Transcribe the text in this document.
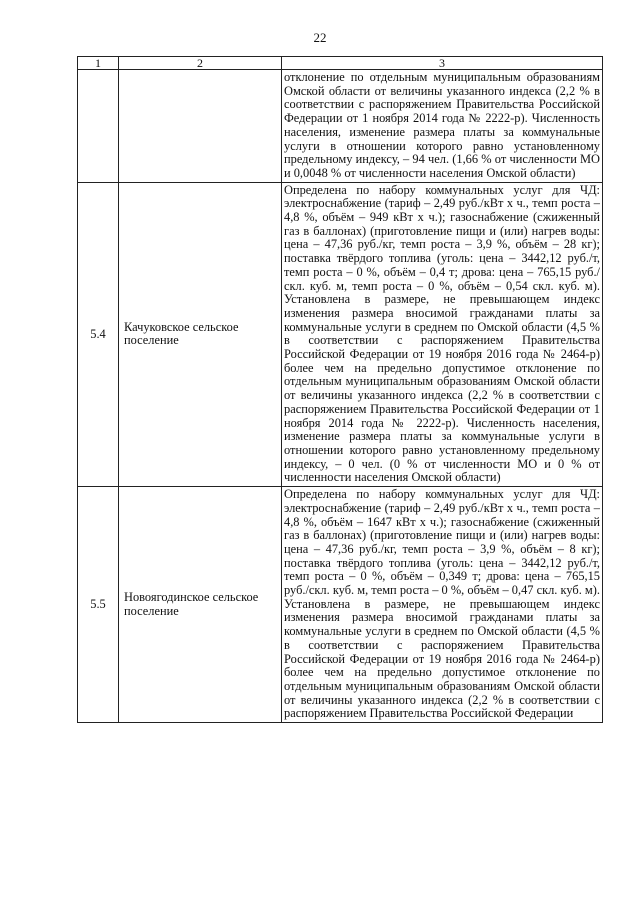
22
1	2	3
		отклонение по отдельным муниципальным образованиям Омской области от величины указанного индекса (2,2 % в соответствии с распоряжением Правительства Российской Федерации от 1 ноября 2014 года № 2222-р). Численность населения, изменение размера платы за коммунальные услуги в отношении которого равно установленному предельному индексу, – 94 чел. (1,66 % от численности МО и 0,0048 % от численности населения Омской области)
5.4	Качуковское сельское поселение	Определена по набору коммунальных услуг для ЧД: электроснабжение (тариф – 2,49 руб./кВт х ч., темп роста – 4,8 %, объём – 949 кВт х ч.); газоснабжение (сжиженный газ в баллонах) (приготовление пищи и (или) нагрев воды: цена – 47,36 руб./кг, темп роста – 3,9 %, объём – 28 кг); поставка твёрдого топлива (уголь: цена – 3442,12 руб./т, темп роста – 0 %, объём – 0,4 т; дрова: цена – 765,15 руб./скл. куб. м, темп роста – 0 %, объём – 0,54 скл. куб. м). Установлена в размере, не превышающем индекс изменения размера вносимой гражданами платы за коммунальные услуги в среднем по Омской области (4,5 % в соответствии с распоряжением Правительства Российской Федерации от 19 ноября 2016 года № 2464-р) более чем на предельно допустимое отклонение по отдельным муниципальным образованиям Омской области от величины указанного индекса (2,2 % в соответствии с распоряжением Правительства Российской Федерации от 1 ноября 2014 года № 2222-р). Численность населения, изменение размера платы за коммунальные услуги в отношении которого равно установленному предельному индексу, – 0 чел. (0 % от численности МО и 0 % от численности населения Омской области)
5.5	Новоягодинское сельское поселение	Определена по набору коммунальных услуг для ЧД: электроснабжение (тариф – 2,49 руб./кВт х ч., темп роста – 4,8 %, объём – 1647 кВт х ч.); газоснабжение (сжиженный газ в баллонах) (приготовление пищи и (или) нагрев воды: цена – 47,36 руб./кг, темп роста – 3,9 %, объём – 8 кг); поставка твёрдого топлива (уголь: цена – 3442,12 руб./т, темп роста – 0 %, объём – 0,349 т; дрова: цена – 765,15 руб./скл. куб. м, темп роста – 0 %, объём – 0,47 скл. куб. м). Установлена в размере, не превышающем индекс изменения размера вносимой гражданами платы за коммунальные услуги в среднем по Омской области (4,5 % в соответствии с распоряжением Правительства Российской Федерации от 19 ноября 2016 года № 2464-р) более чем на предельно допустимое отклонение по отдельным муниципальным образованиям Омской области от величины указанного индекса (2,2 % в соответствии с распоряжением Правительства Российской Федерации
